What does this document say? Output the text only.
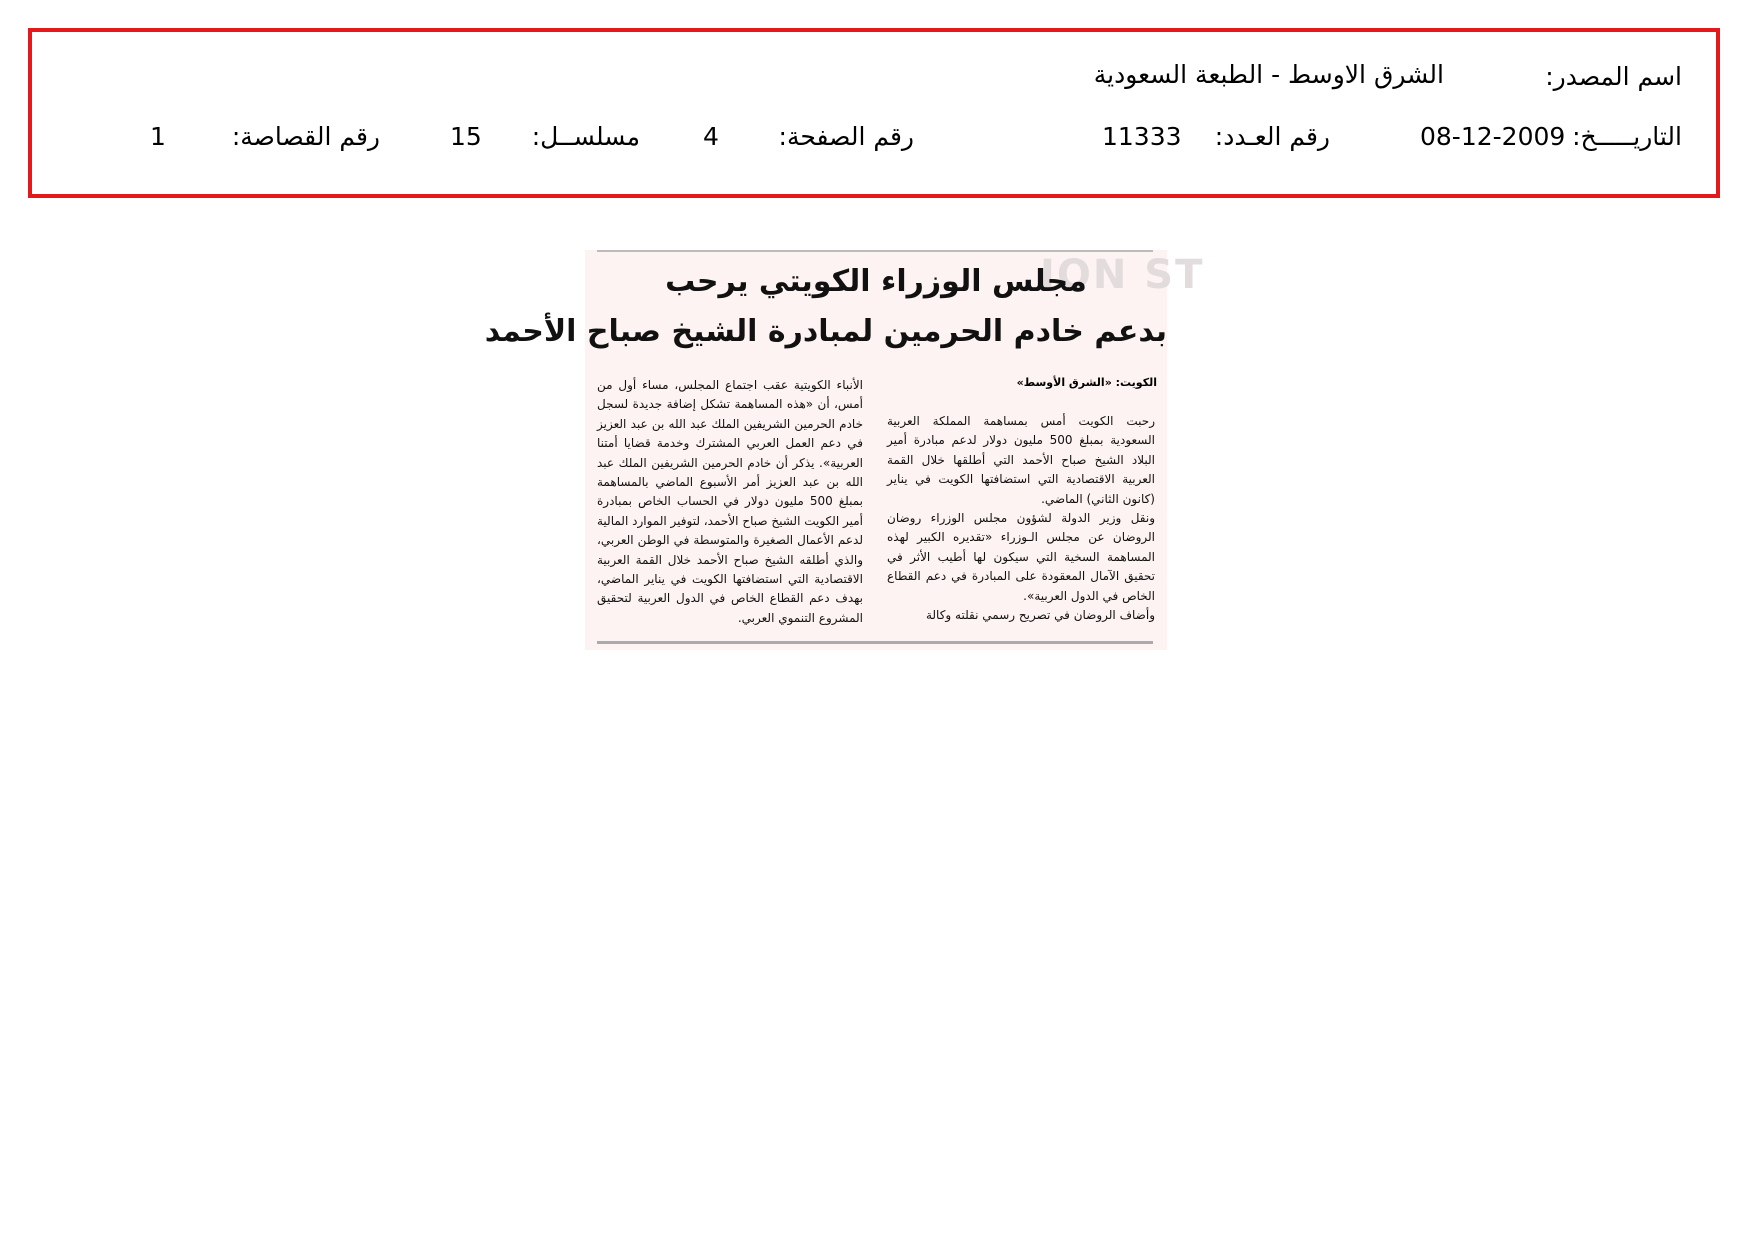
اسم المصدر:
الشرق الاوسط - الطبعة السعودية
التاريـــــخ:
08-12-2009
رقم العـدد:
11333
رقم الصفحة:
4
مسلســل:
15
رقم القصاصة:
1
ION ST
مجلس الوزراء الكويتي يرحب
بدعم خادم الحرمين لمبادرة الشيخ صباح الأحمد
الكويت: «الشرق الأوسط»

رحبت الكويت أمس بمساهمة المملكة العربية السعودية بمبلغ 500 مليون دولار لدعم مبادرة أمير البلاد الشيخ صباح الأحمد التي أطلقها خلال القمة العربية الاقتصادية التي استضافتها الكويت في يناير (كانون الثاني) الماضي.

ونقل وزير الدولة لشؤون مجلس الوزراء روضان الروضان عن مجلس الـوزراء «تقديره الكبير لهذه المساهمة السخية التي سيكون لها أطيب الأثر في تحقيق الآمال المعقودة على المبادرة في دعم القطاع الخاص في الدول العربية».

وأضاف الروضان في تصريح رسمي نقلته وكالة

الأنباء الكويتية عقب اجتماع المجلس، مساء أول من أمس، أن «هذه المساهمة تشكل إضافة جديدة لسجل خادم الحرمين الشريفين الملك عبد الله بن عبد العزيز في دعم العمل العربي المشترك وخدمة قضايا أمتنا العربية». يذكر أن خادم الحرمين الشريفين الملك عبد الله بن عبد العزيز أمر الأسبوع الماضي بالمساهمة بمبلغ 500 مليون دولار في الحساب الخاص بمبادرة أمير الكويت الشيخ صباح الأحمد، لتوفير الموارد المالية لدعم الأعمال الصغيرة والمتوسطة في الوطن العربي، والذي أطلقه الشيخ صباح الأحمد خلال القمة العربية الاقتصادية التي استضافتها الكويت في يناير الماضي، بهدف دعم القطاع الخاص في الدول العربية لتحقيق المشروع التنموي العربي.
